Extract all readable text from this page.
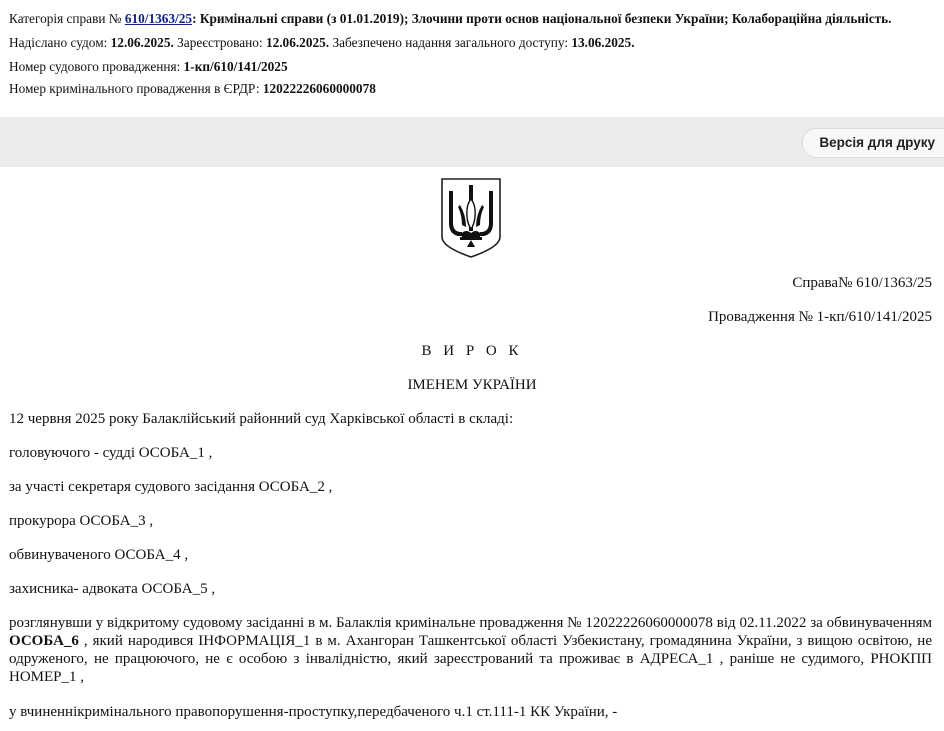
Категорія справи № 610/1363/25: Кримінальні справи (з 01.01.2019); Злочини проти основ національної безпеки України; Колабораційна діяльність.
Надіслано судом: 12.06.2025. Зареєстровано: 12.06.2025. Забезпечено надання загального доступу: 13.06.2025.
Номер судового провадження: 1-кп/610/141/2025
Номер кримінального провадження в ЄРДР: 12022226060000078
Версія для друку
Справа№ 610/1363/25
Провадження № 1-кп/610/141/2025
В И Р О К
ІМЕНЕМ УКРАЇНИ
12 червня 2025 року Балаклійський районний суд Харківської області в складі:
головуючого - судді ОСОБА_1 ,
за участі секретаря судового засідання ОСОБА_2 ,
прокурора ОСОБА_3 ,
обвинуваченого ОСОБА_4 ,
захисника- адвоката ОСОБА_5 ,
розглянувши у відкритому судовому засіданні в м. Балаклія кримінальне провадження № 12022226060000078 від 02.11.2022 за обвинуваченням ОСОБА_6 , який народився ІНФОРМАЦІЯ_1 в м. Ахангоран Ташкентської області Узбекистану, громадянина України, з вищою освітою, не одруженого, не працюючого, не є особою з інвалідністю, який зареєстрований та проживає в АДРЕСА_1 , раніше не судимого, РНОКПП НОМЕР_1 ,
у вчиненнікримінального правопорушення-проступку,передбаченого ч.1 ст.111-1 КК України, -
